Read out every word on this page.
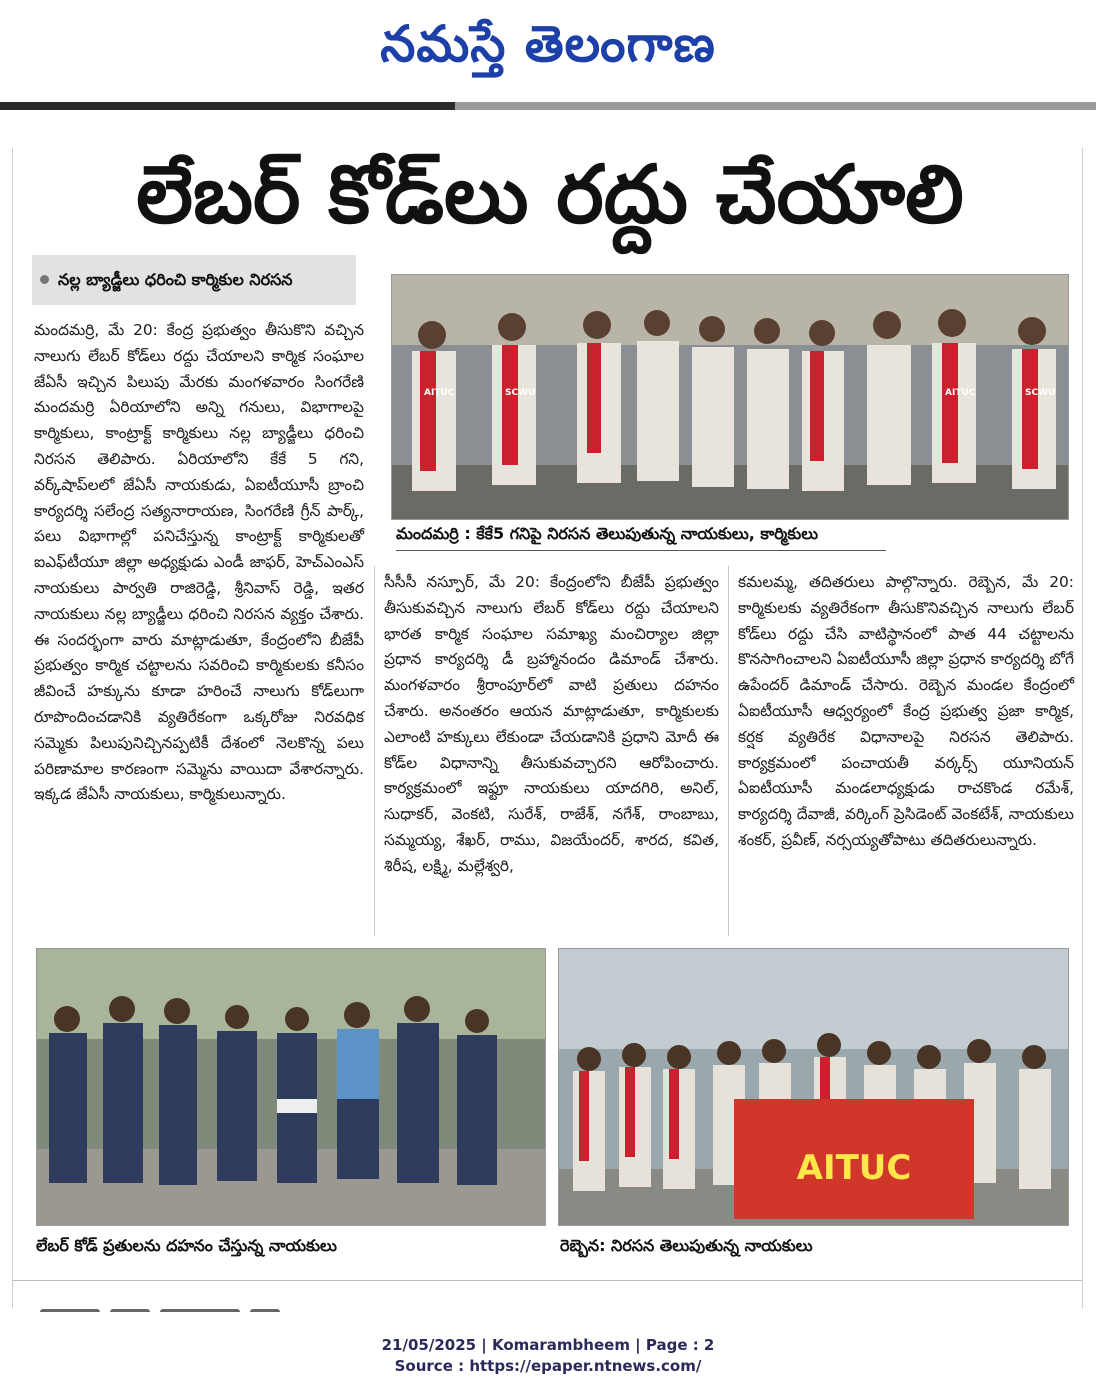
నమస్తే తెలంగాణ
లేబర్ కోడ్‌లు రద్దు చేయాలి
నల్ల బ్యాడ్జీలు ధరించి కార్మికుల నిరసన
మందమర్రి, మే 20: కేంద్ర ప్రభుత్వం తీసుకొని వచ్చిన నాలుగు లేబర్ కోడ్‌లు రద్దు చేయాలని కార్మిక సంఘాల జేఏసీ ఇచ్చిన పిలుపు మేరకు మంగళవారం సింగరేణి మందమర్రి ఏరియాలోని అన్ని గనులు, విభాగాలపై కార్మికులు, కాంట్రాక్ట్ కార్మికులు నల్ల బ్యాడ్జీలు ధరించి నిరసన తెలిపారు. ఏరియాలోని కేకే 5 గని, వర్క్‌షాప్‌లలో జేఏసీ నాయకుడు, ఏఐటీయూసీ బ్రాంచి కార్యదర్శి సలేంద్ర సత్యనారాయణ, సింగరేణి గ్రీన్ పార్క్, పలు విభాగాల్లో పనిచేస్తున్న కాంట్రాక్ట్ కార్మికులతో ఐఎఫ్‌టీయూ జిల్లా అధ్యక్షుడు ఎండీ జాఫర్, హెచ్‌ఎంఎస్ నాయకులు పార్వతి రాజిరెడ్డి, శ్రీనివాస్ రెడ్డి, ఇతర నాయకులు నల్ల బ్యాడ్జీలు ధరించి నిరసన వ్యక్తం చేశారు. ఈ సందర్భంగా వారు మాట్లాడుతూ, కేంద్రంలోని బీజేపీ ప్రభుత్వం కార్మిక చట్టాలను సవరించి కార్మికులకు కనీసం జీవించే హక్కును కూడా హరించే నాలుగు కోడ్‌లుగా రూపొందించడానికి వ్యతిరేకంగా ఒక్కరోజు నిరవధిక సమ్మెకు పిలుపునిచ్చినప్పటికీ దేశంలో నెలకొన్న పలు పరిణామాల కారణంగా సమ్మెను వాయిదా వేశారన్నారు. ఇక్కడ జేఏసీ నాయకులు, కార్మికులున్నారు.
AITUC	SCWU	AITUC	SCWU
మందమర్రి : కేకే5 గనిపై నిరసన తెలుపుతున్న నాయకులు, కార్మికులు
సీసీసీ నస్పూర్, మే 20: కేంద్రంలోని బీజేపీ ప్రభుత్వం తీసుకువచ్చిన నాలుగు లేబర్ కోడ్‌లు రద్దు చేయాలని భారత కార్మిక సంఘాల సమాఖ్య మంచిర్యాల జిల్లా ప్రధాన కార్యదర్శి డీ బ్రహ్మానందం డిమాండ్ చేశారు. మంగళవారం శ్రీరాంపూర్‌లో వాటి ప్రతులు దహనం చేశారు. అనంతరం ఆయన మాట్లాడుతూ, కార్మికులకు ఎలాంటి హక్కులు లేకుండా చేయడానికి ప్రధాని మోదీ ఈ కోడ్‌ల విధానాన్ని తీసుకువచ్చారని ఆరోపించారు. కార్యక్రమంలో ఇఫ్టూ నాయకులు యాదగిరి, అనిల్, సుధాకర్, వెంకటి, సురేశ్, రాజేశ్, నగేశ్, రాంబాబు, సమ్మయ్య, శేఖర్, రాము, విజయేందర్, శారద, కవిత, శిరీష, లక్ష్మి, మల్లేశ్వరి,
కమలమ్మ, తదితరులు పాల్గొన్నారు. రెబ్బెన, మే 20: కార్మికులకు వ్యతిరేకంగా తీసుకొనివచ్చిన నాలుగు లేబర్ కోడ్‌లు రద్దు చేసి వాటిస్థానంలో పాత 44 చట్టాలను కొనసాగించాలని ఏఐటీయూసీ జిల్లా ప్రధాన కార్యదర్శి బోగే ఉపేందర్ డిమాండ్ చేసారు. రెబ్బెన మండల కేంద్రంలో ఏఐటీయూసీ ఆధ్వర్యంలో కేంద్ర ప్రభుత్వ ప్రజా కార్మిక, కర్షక వ్యతిరేక విధానాలపై నిరసన తెలిపారు. కార్యక్రమంలో పంచాయతీ వర్కర్స్ యూనియన్ ఏఐటీయూసీ మండలాధ్యక్షుడు రాచకొండ రమేశ్, కార్యదర్శి దేవాజీ, వర్కింగ్ ప్రెసిడెంట్ వెంకటేశ్, నాయకులు శంకర్, ప్రవీణ్, నర్సయ్యతోపాటు తదితరులున్నారు.
లేబర్ కోడ్ ప్రతులను దహనం చేస్తున్న నాయకులు
AITUC
రెబ్బెన: నిరసన తెలుపుతున్న నాయకులు
21/05/2025 | Komarambheem | Page : 2
Source : https://epaper.ntnews.com/
